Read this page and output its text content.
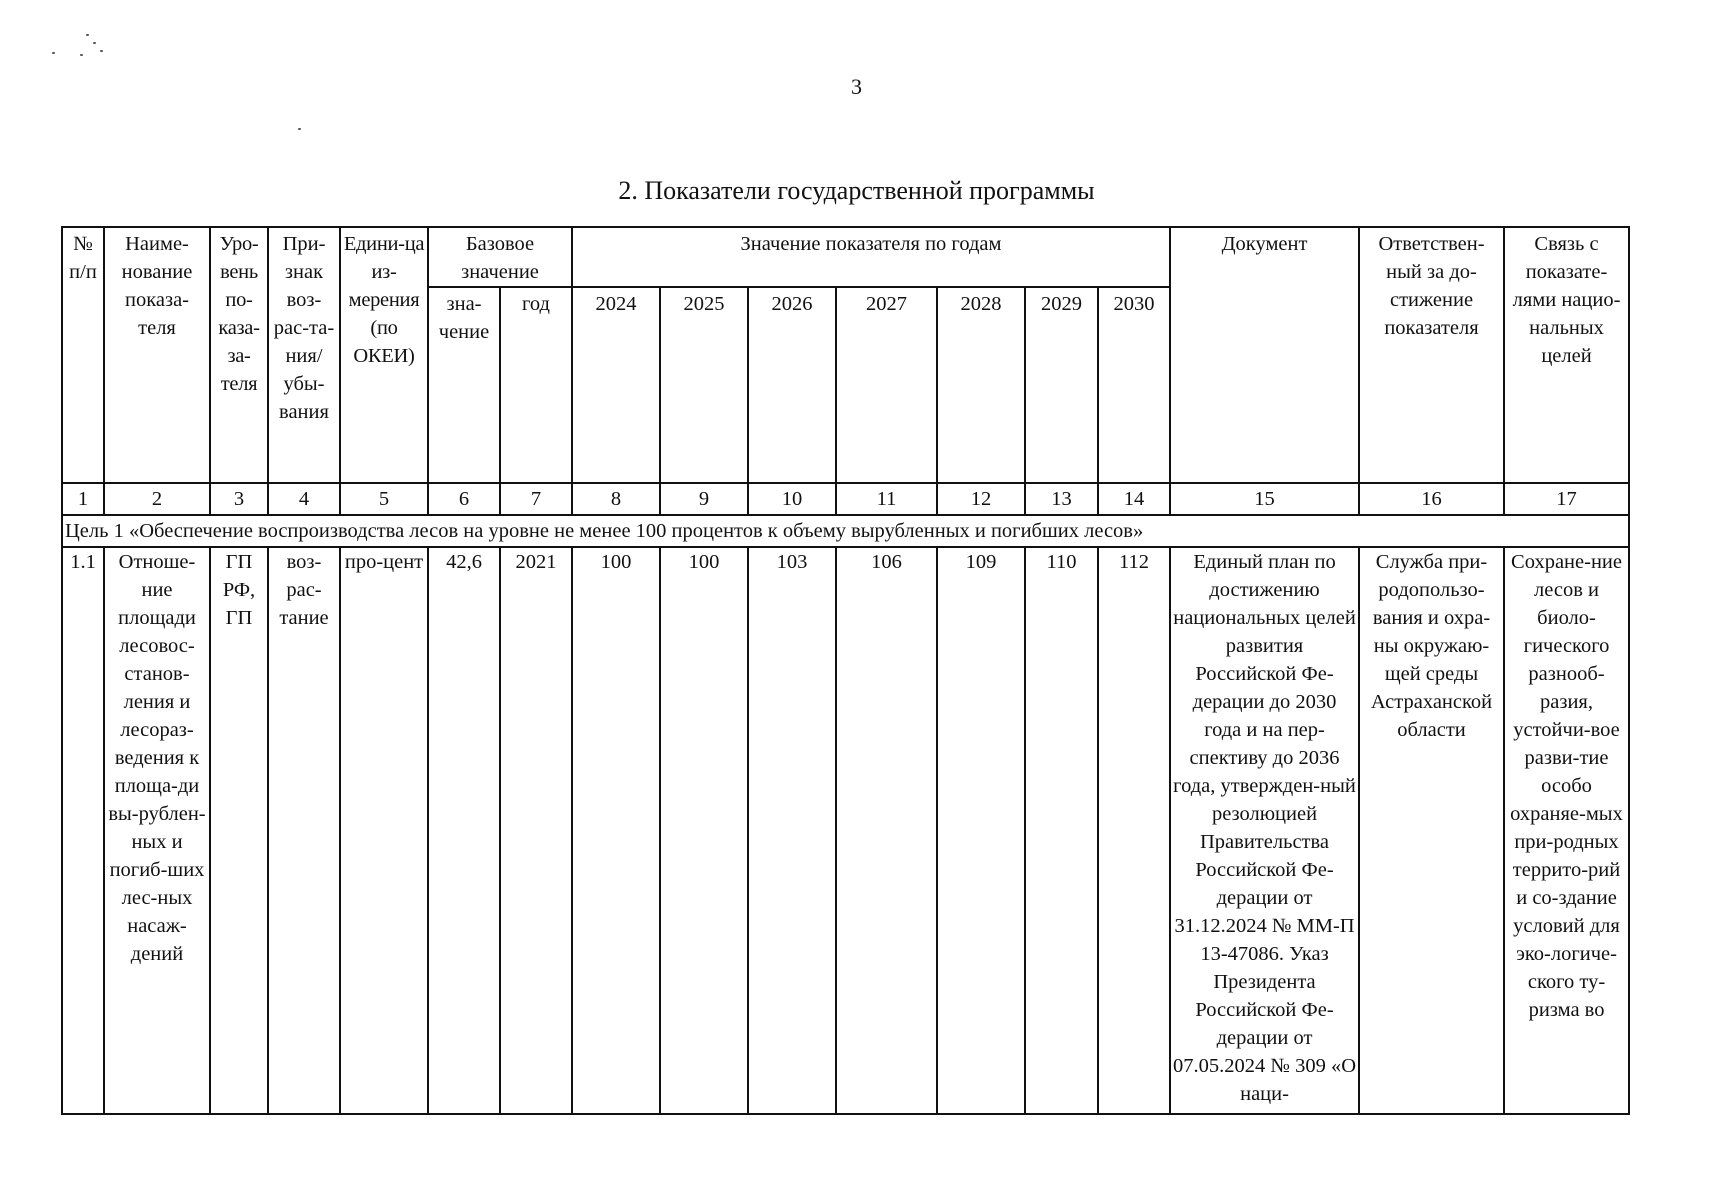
3
2. Показатели государственной программы
№ п/п	Наиме-нование показа-теля	Уро-вень по-каза-за-теля	При-знак воз-рас-та-ния/ убы-вания	Едини-ца из-мерения (по ОКЕИ)	Базовое значение		Значение показателя по годам							Документ	Ответствен-ный за до-стижение показателя	Связь с показате-лями нацио-нальных целей
					зна-чение	год	2024	2025	2026	2027	2028	2029	2030			
1	2	3	4	5	6	7	8	9	10	11	12	13	14	15	16	17
Цель 1 «Обеспечение воспроизводства лесов на уровне не менее 100 процентов к объему вырубленных и погибших лесов»																
1.1	Отноше-ние площади лесовос-станов-ления и лесораз-ведения к площа-ди вы-рублен-ных и погиб-ших лес-ных насаж-дений	ГП РФ, ГП	воз-рас-тание	про-цент	42,6	2021	100	100	103	106	109	110	112	Единый план по достижению национальных целей развития Российской Фе-дерации до 2030 года и на пер-спективу до 2036 года, утвержден-ный резолюцией Правительства Российской Фе-дерации от 31.12.2024 № ММ-П 13-47086. Указ Президента Российской Фе-дерации от 07.05.2024 № 309 «О наци-	Служба при-родопользо-вания и охра-ны окружаю-щей среды Астраханской области	Сохране-ние лесов и биоло-гического разнооб-разия, устойчи-вое разви-тие особо охраняе-мых при-родных террито-рий и со-здание условий для эко-логиче-ского ту-ризма во
